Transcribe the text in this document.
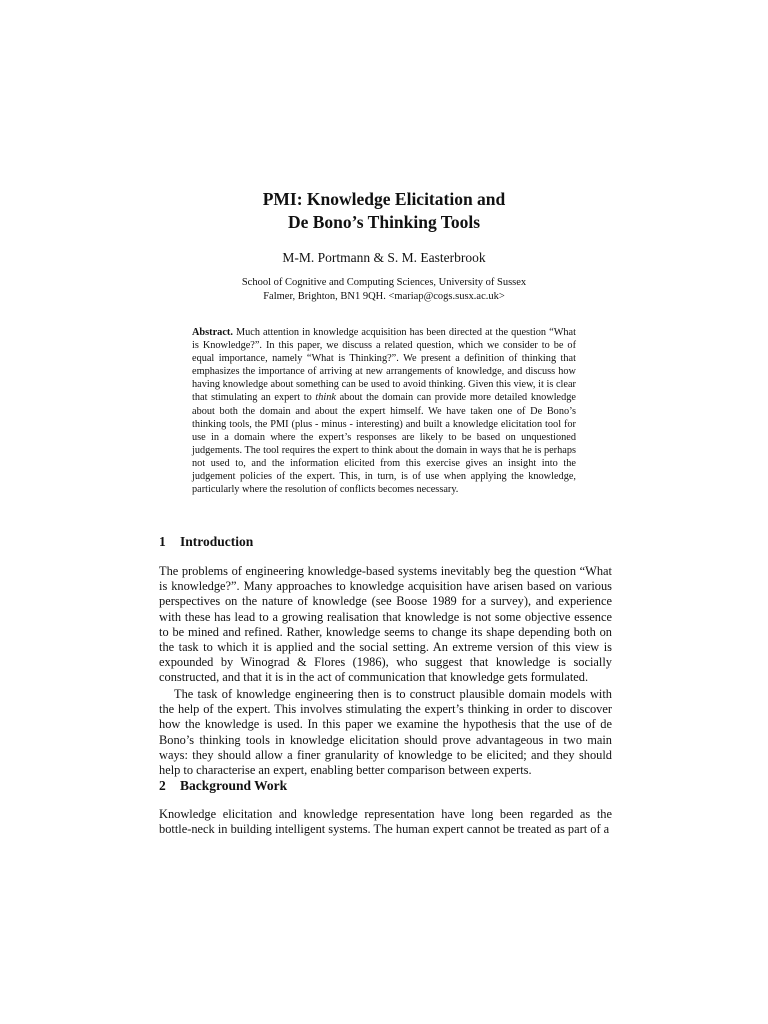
PMI: Knowledge Elicitation and

De Bono’s Thinking Tools

M-M. Portmann & S. M. Easterbrook

School of Cognitive and Computing Sciences, University of Sussex

Falmer, Brighton, BN1 9QH. <mariap@cogs.susx.ac.uk>

Abstract. Much attention in knowledge acquisition has been directed at the question “What is Knowledge?”. In this paper, we discuss a related question, which we consider to be of equal importance, namely “What is Thinking?”. We present a definition of thinking that emphasizes the importance of arriving at new arrangements of knowledge, and discuss how having knowledge about something can be used to avoid thinking. Given this view, it is clear that stimulating an expert to think about the domain can provide more detailed knowledge about both the domain and about the expert himself. We have taken one of De Bono’s thinking tools, the PMI (plus - minus - interesting) and built a knowledge elicitation tool for use in a domain where the expert’s responses are likely to be based on unquestioned judgements. The tool requires the expert to think about the domain in ways that he is perhaps not used to, and the information elicited from this exercise gives an insight into the judgement policies of the expert. This, in turn, is of use when applying the knowledge, particularly where the resolution of conflicts becomes necessary.

1 Introduction

The problems of engineering knowledge-based systems inevitably beg the question “What is knowledge?”. Many approaches to knowledge acquisition have arisen based on various perspectives on the nature of knowledge (see Boose 1989 for a survey), and experience with these has lead to a growing realisation that knowledge is not some objective essence to be mined and refined. Rather, knowledge seems to change its shape depending both on the task to which it is applied and the social setting. An extreme version of this view is expounded by Winograd & Flores (1986), who suggest that knowledge is socially constructed, and that it is in the act of communication that knowledge gets formulated.

The task of knowledge engineering then is to construct plausible domain models with the help of the expert. This involves stimulating the expert’s thinking in order to discover how the knowledge is used. In this paper we examine the hypothesis that the use of de Bono’s thinking tools in knowledge elicitation should prove advantageous in two main ways: they should allow a finer granularity of knowledge to be elicited; and they should help to characterise an expert, enabling better comparison between experts.

2 Background Work

Knowledge elicitation and knowledge representation have long been regarded as the bottle-neck in building intelligent systems. The human expert cannot be treated as part of a
